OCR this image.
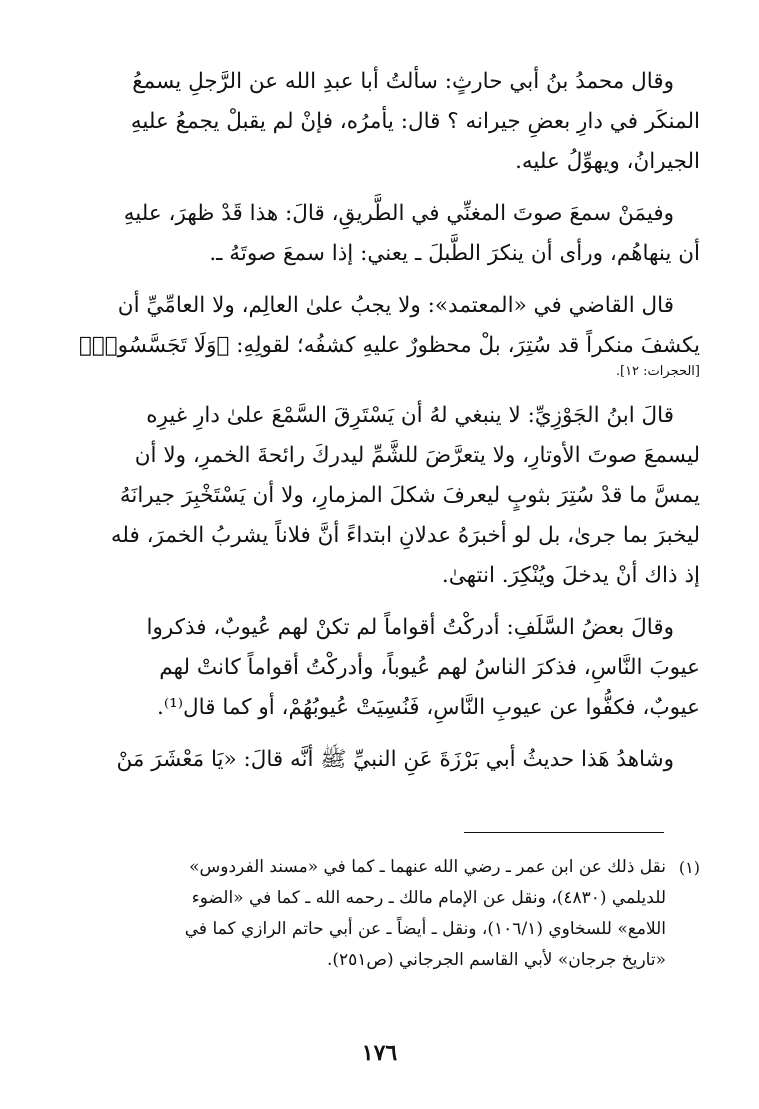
وقال محمدُ بنُ أبي حارثٍ: سألتُ أبا عبدِ الله عن الرَّجلِ يسمعُ
المنكَر في دارِ بعضِ جيرانه ؟ قال: يأمرُه، فإنْ لم يقبلْ يجمعُ عليهِ
الجيرانُ، ويهوِّلُ عليه.

وفيمَنْ سمعَ صوتَ المغنِّي في الطَّريقِ، قالَ: هذا قَدْ ظهرَ، عليهِ
أن ينهاهُم، ورأى أن ينكرَ الطَّبلَ ـ يعني: إذا سمعَ صوتَهُ ـ.

قال القاضي في «المعتمد»: ولا يجبُ علىٰ العالِم، ولا العامِّيِّ أن
يكشفَ منكراً قد سُتِرَ، بلْ محظورٌ عليهِ كشفُه؛ لقولِهِ: ﴿وَلَا تَجَسَّسُوا۟﴾
[الحجرات: ١٢].

قالَ ابنُ الجَوْزِيِّ: لا ينبغي لهُ أن يَسْتَرِقَ السَّمْعَ علىٰ دارِ غيرِه
ليسمعَ صوتَ الأوتارِ، ولا يتعرَّضَ للشَّمِّ ليدركَ رائحةَ الخمرِ، ولا أن
يمسَّ ما قدْ سُتِرَ بثوبٍ ليعرفَ شكلَ المزمارِ، ولا أن يَسْتَخْبِرَ جيرانَهُ
ليخبرَ بما جرىٰ، بل لو أخبرَهُ عدلانِ ابتداءً أنَّ فلاناً يشربُ الخمرَ، فله
إذ ذاك أنْ يدخلَ ويُنْكِرَ. انتهىٰ.

وقالَ بعضُ السَّلَفِ: أدركْتُ أقواماً لم تكنْ لهم عُيوبٌ، فذكروا
عيوبَ النَّاسِ، فذكرَ الناسُ لهم عُيوباً، وأدركْتُ أقواماً كانتْ لهم
عيوبٌ، فكفُّوا عن عيوبِ النَّاسِ، فَنُسِيَتْ عُيوبُهُمْ، أو كما قال⁽¹⁾.

وشاهدُ هَذا حديثُ أبي بَرْزَةَ عَنِ النبيِّ ﷺ أنَّه قالَ: «يَا مَعْشَرَ مَنْ

(١)
نقل ذلك عن ابن عمر ـ رضي الله عنهما ـ كما في «مسند الفردوس»
للديلمي (٤٨٣٠)، ونقل عن الإمام مالك ـ رحمه الله ـ كما في «الضوء
اللامع» للسخاوي (١٠٦/١)، ونقل ـ أيضاً ـ عن أبي حاتم الرازي كما في
«تاريخ جرجان» لأبي القاسم الجرجاني (ص٢٥١).
١٧٦
